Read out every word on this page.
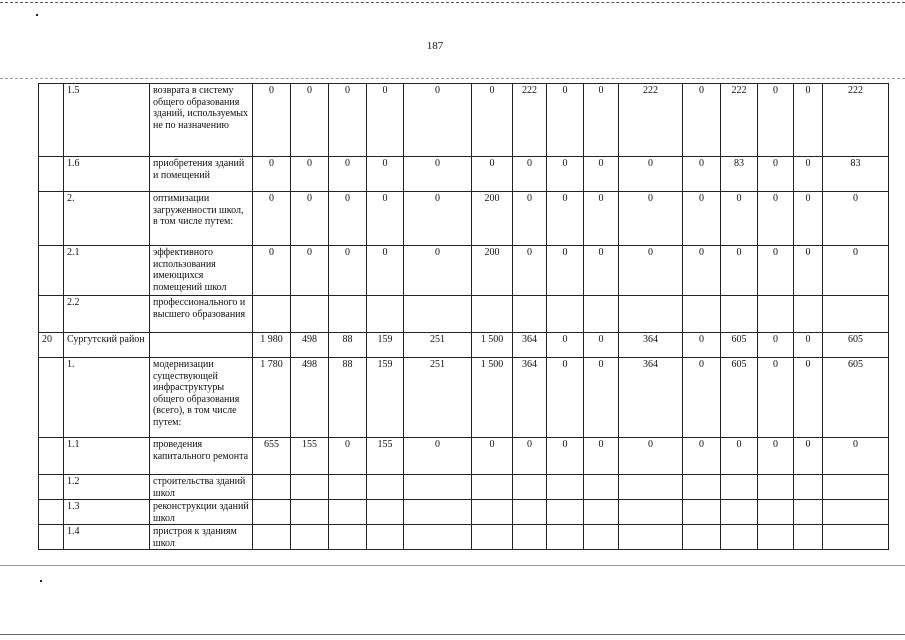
187
	1.5	возврата в систему общего образования зданий, используемых не по назначению	0	0	0	0	0	0	222	0	0	222	0	222	0	0	222
	1.6	приобретения зданий и помещений	0	0	0	0	0	0	0	0	0	0	0	83	0	0	83
	2.	оптимизации загруженности школ, в том числе путем:	0	0	0	0	0	200	0	0	0	0	0	0	0	0	0
	2.1	эффективного использования имеющихся помещений школ	0	0	0	0	0	200	0	0	0	0	0	0	0	0	0
	2.2	профессионального и высшего образования															
20	Сургутский район		1 980	498	88	159	251	1 500	364	0	0	364	0	605	0	0	605
	1.	модернизации существующей инфраструктуры общего образования (всего), в том числе путем:	1 780	498	88	159	251	1 500	364	0	0	364	0	605	0	0	605
	1.1	проведения капитального ремонта	655	155	0	155	0	0	0	0	0	0	0	0	0	0	0
	1.2	строительства зданий школ															
	1.3	реконструкции зданий школ															
	1.4	пристроя к зданиям школ															
